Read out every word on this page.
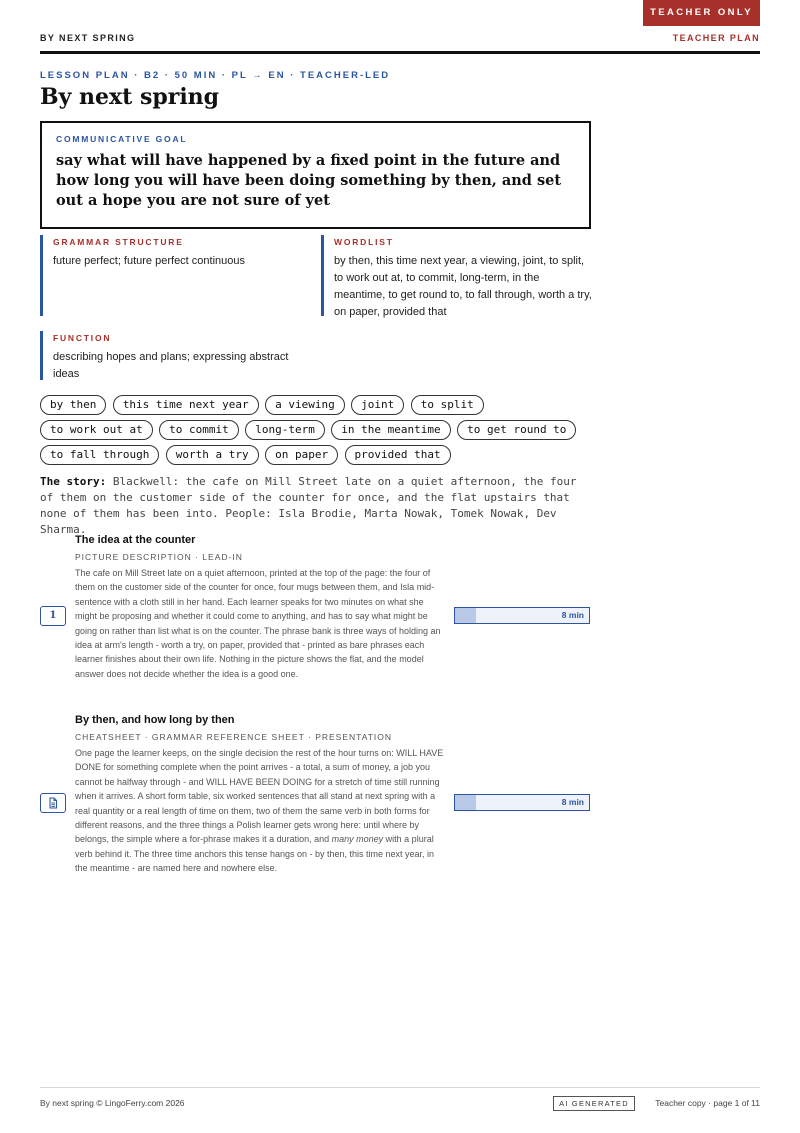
TEACHER ONLY
BY NEXT SPRING	TEACHER PLAN
LESSON PLAN · B2 · 50 MIN · PL → EN · TEACHER-LED
By next spring
COMMUNICATIVE GOAL
say what will have happened by a fixed point in the future and how long you will have been doing something by then, and set out a hope you are not sure of yet
GRAMMAR STRUCTURE
future perfect; future perfect continuous
WORDLIST
by then, this time next year, a viewing, joint, to split, to work out at, to commit, long-term, in the meantime, to get round to, to fall through, worth a try, on paper, provided that
FUNCTION
describing hopes and plans; expressing abstract ideas
by then this time next year a viewing joint to split to work out at to commit long-term in the meantime to get round to to fall through worth a try on paper provided that
The story: Blackwell: the cafe on Mill Street late on a quiet afternoon, the four of them on the customer side of the counter for once, and the flat upstairs that none of them has been into. People: Isla Brodie, Marta Nowak, Tomek Nowak, Dev Sharma.
The idea at the counter
PICTURE DESCRIPTION · LEAD-IN
The cafe on Mill Street late on a quiet afternoon, printed at the top of the page: the four of them on the customer side of the counter for once, four mugs between them, and Isla mid-sentence with a cloth still in her hand. Each learner speaks for two minutes on what she might be proposing and whether it could come to anything, and has to say what might be going on rather than list what is on the counter. The phrase bank is three ways of holding an idea at arm's length - worth a try, on paper, provided that - printed as bare phrases each learner finishes about their own life. Nothing in the picture shows the flat, and the model answer does not decide whether the idea is a good one.
1	8 min
By then, and how long by then
CHEATSHEET · GRAMMAR REFERENCE SHEET · PRESENTATION
One page the learner keeps, on the single decision the rest of the hour turns on: WILL HAVE DONE for something complete when the point arrives - a total, a sum of money, a job you cannot be halfway through - and WILL HAVE BEEN DOING for a stretch of time still running when it arrives. A short form table, six worked sentences that all stand at next spring with a real quantity or a real length of time on them, two of them the same verb in both forms for different reasons, and the three things a Polish learner gets wrong here: until where by belongs, the simple where a for-phrase makes it a duration, and many money with a plural verb behind it. The three time anchors this tense hangs on - by then, this time next year, in the meantime - are named here and nowhere else.
8 min
By next spring © LingoFerry.com 2026	AI GENERATED	Teacher copy · page 1 of 11
